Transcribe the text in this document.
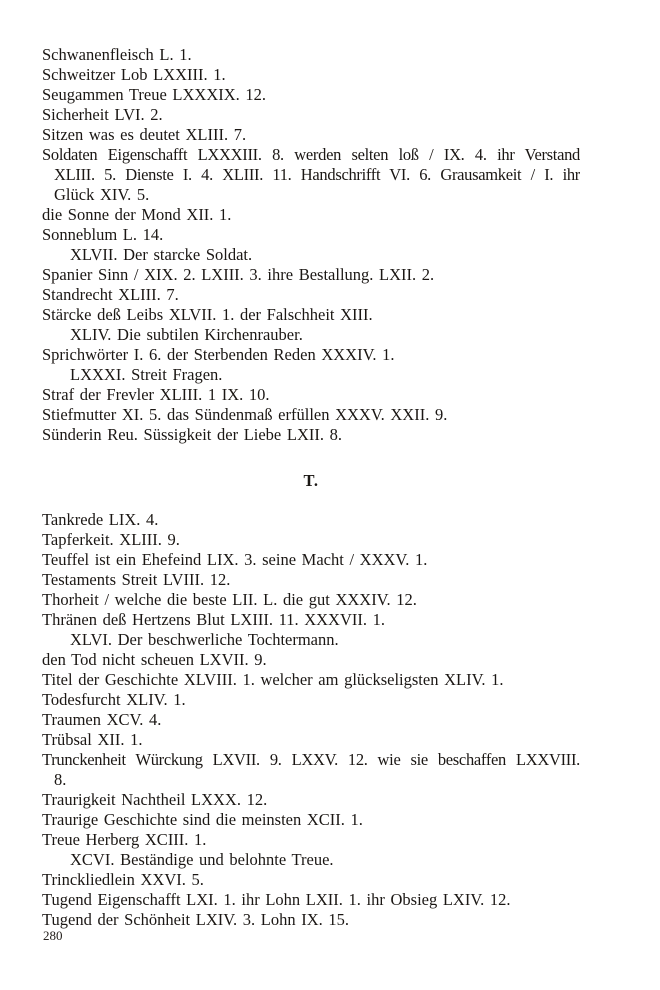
Schwanenfleisch L. 1.
Schweitzer Lob LXXIII. 1.
Seugammen Treue LXXXIX. 12.
Sicherheit LVI. 2.
Sitzen was es deutet XLIII. 7.
Soldaten Eigenschafft LXXXIII. 8. werden selten loß / IX. 4. ihr Verstand
XLIII. 5. Dienste I. 4. XLIII. 11. Handschrifft VI. 6. Grausamkeit / I. ihr
Glück XIV. 5.
die Sonne der Mond XII. 1.
Sonneblum L. 14.
XLVII. Der starcke Soldat.
Spanier Sinn / XIX. 2. LXIII. 3. ihre Bestallung. LXII. 2.
Standrecht XLIII. 7.
Stärcke deß Leibs XLVII. 1. der Falschheit XIII.
XLIV. Die subtilen Kirchenrauber.
Sprichwörter I. 6. der Sterbenden Reden XXXIV. 1.
LXXXI. Streit Fragen.
Straf der Frevler XLIII. 1 IX. 10.
Stiefmutter XI. 5. das Sündenmaß erfüllen XXXV. XXII. 9.
Sünderin Reu. Süssigkeit der Liebe LXII. 8.
T.
Tankrede LIX. 4.
Tapferkeit. XLIII. 9.
Teuffel ist ein Ehefeind LIX. 3. seine Macht / XXXV. 1.
Testaments Streit LVIII. 12.
Thorheit / welche die beste LII. L. die gut XXXIV. 12.
Thränen deß Hertzens Blut LXIII. 11. XXXVII. 1.
XLVI. Der beschwerliche Tochtermann.
den Tod nicht scheuen LXVII. 9.
Titel der Geschichte XLVIII. 1. welcher am glückseligsten XLIV. 1.
Todesfurcht XLIV. 1.
Traumen XCV. 4.
Trübsal XII. 1.
Trunckenheit Würckung LXVII. 9. LXXV. 12. wie sie beschaffen LXXVIII.
8.
Traurigkeit Nachtheil LXXX. 12.
Traurige Geschichte sind die meinsten XCII. 1.
Treue Herberg XCIII. 1.
XCVI. Beständige und belohnte Treue.
Trinckliedlein XXVI. 5.
Tugend Eigenschafft LXI. 1. ihr Lohn LXII. 1. ihr Obsieg LXIV. 12.
Tugend der Schönheit LXIV. 3. Lohn IX. 15.
280
